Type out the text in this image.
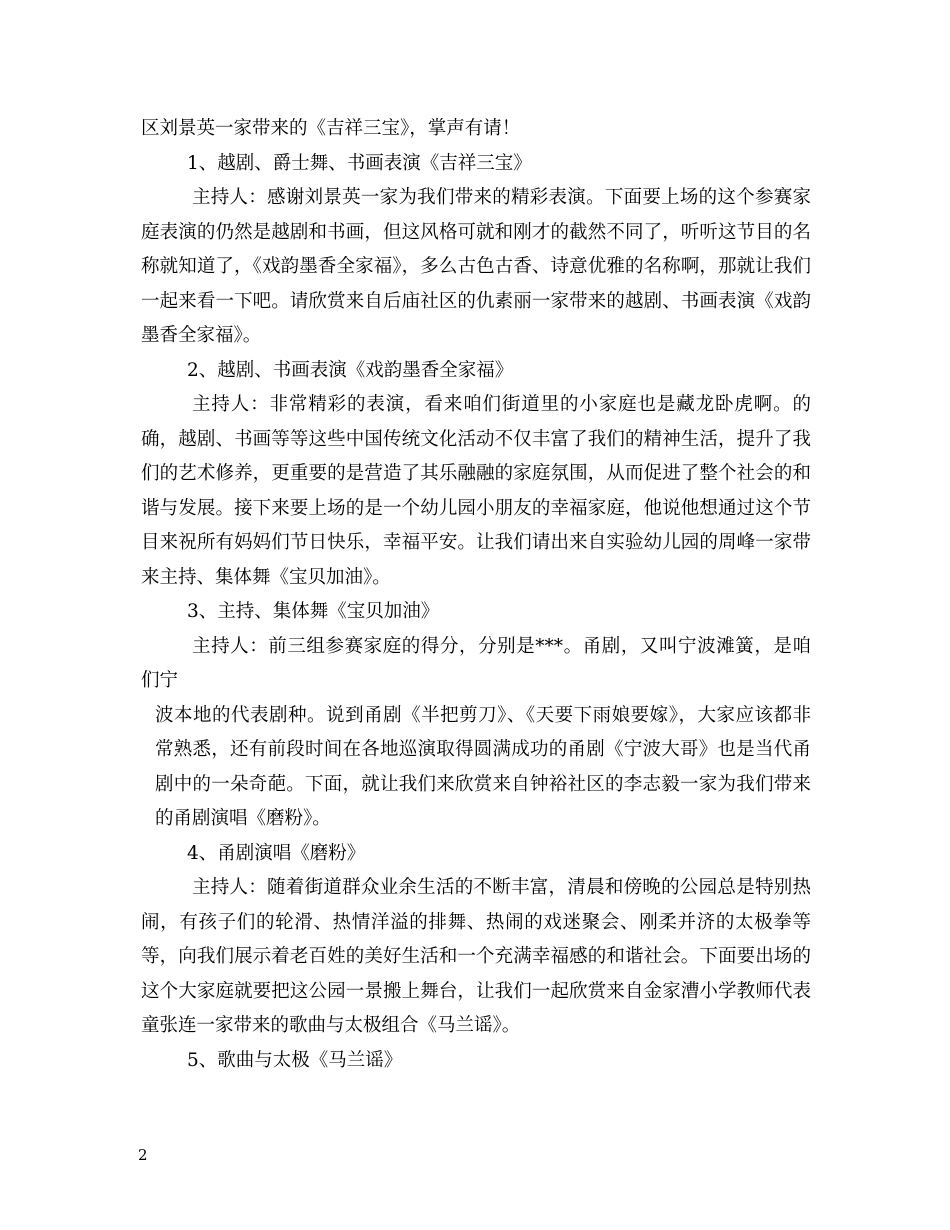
区刘景英一家带来的《吉祥三宝》，掌声有请！

1、越剧、爵士舞、书画表演《吉祥三宝》

主持人：感谢刘景英一家为我们带来的精彩表演。下面要上场的这个参赛家庭表演的仍然是越剧和书画，但这风格可就和刚才的截然不同了，听听这节目的名称就知道了，《戏韵墨香全家福》，多么古色古香、诗意优雅的名称啊，那就让我们一起来看一下吧。请欣赏来自后庙社区的仇素丽一家带来的越剧、书画表演《戏韵墨香全家福》。

2、越剧、书画表演《戏韵墨香全家福》

主持人：非常精彩的表演，看来咱们街道里的小家庭也是藏龙卧虎啊。的确，越剧、书画等等这些中国传统文化活动不仅丰富了我们的精神生活，提升了我们的艺术修养，更重要的是营造了其乐融融的家庭氛围，从而促进了整个社会的和谐与发展。接下来要上场的是一个幼儿园小朋友的幸福家庭，他说他想通过这个节目来祝所有妈妈们节日快乐，幸福平安。让我们请出来自实验幼儿园的周峰一家带来主持、集体舞《宝贝加油》。

3、主持、集体舞《宝贝加油》

主持人：前三组参赛家庭的得分，分别是***。甬剧，又叫宁波滩簧，是咱们宁

波本地的代表剧种。说到甬剧《半把剪刀》、《天要下雨娘要嫁》，大家应该都非常熟悉，还有前段时间在各地巡演取得圆满成功的甬剧《宁波大哥》也是当代甬剧中的一朵奇葩。下面，就让我们来欣赏来自钟裕社区的李志毅一家为我们带来的甬剧演唱《磨粉》。

4、甬剧演唱《磨粉》

主持人：随着街道群众业余生活的不断丰富，清晨和傍晚的公园总是特别热闹，有孩子们的轮滑、热情洋溢的排舞、热闹的戏迷聚会、刚柔并济的太极拳等等，向我们展示着老百姓的美好生活和一个充满幸福感的和谐社会。下面要出场的这个大家庭就要把这公园一景搬上舞台，让我们一起欣赏来自金家漕小学教师代表童张连一家带来的歌曲与太极组合《马兰谣》。

5、歌曲与太极《马兰谣》

2
